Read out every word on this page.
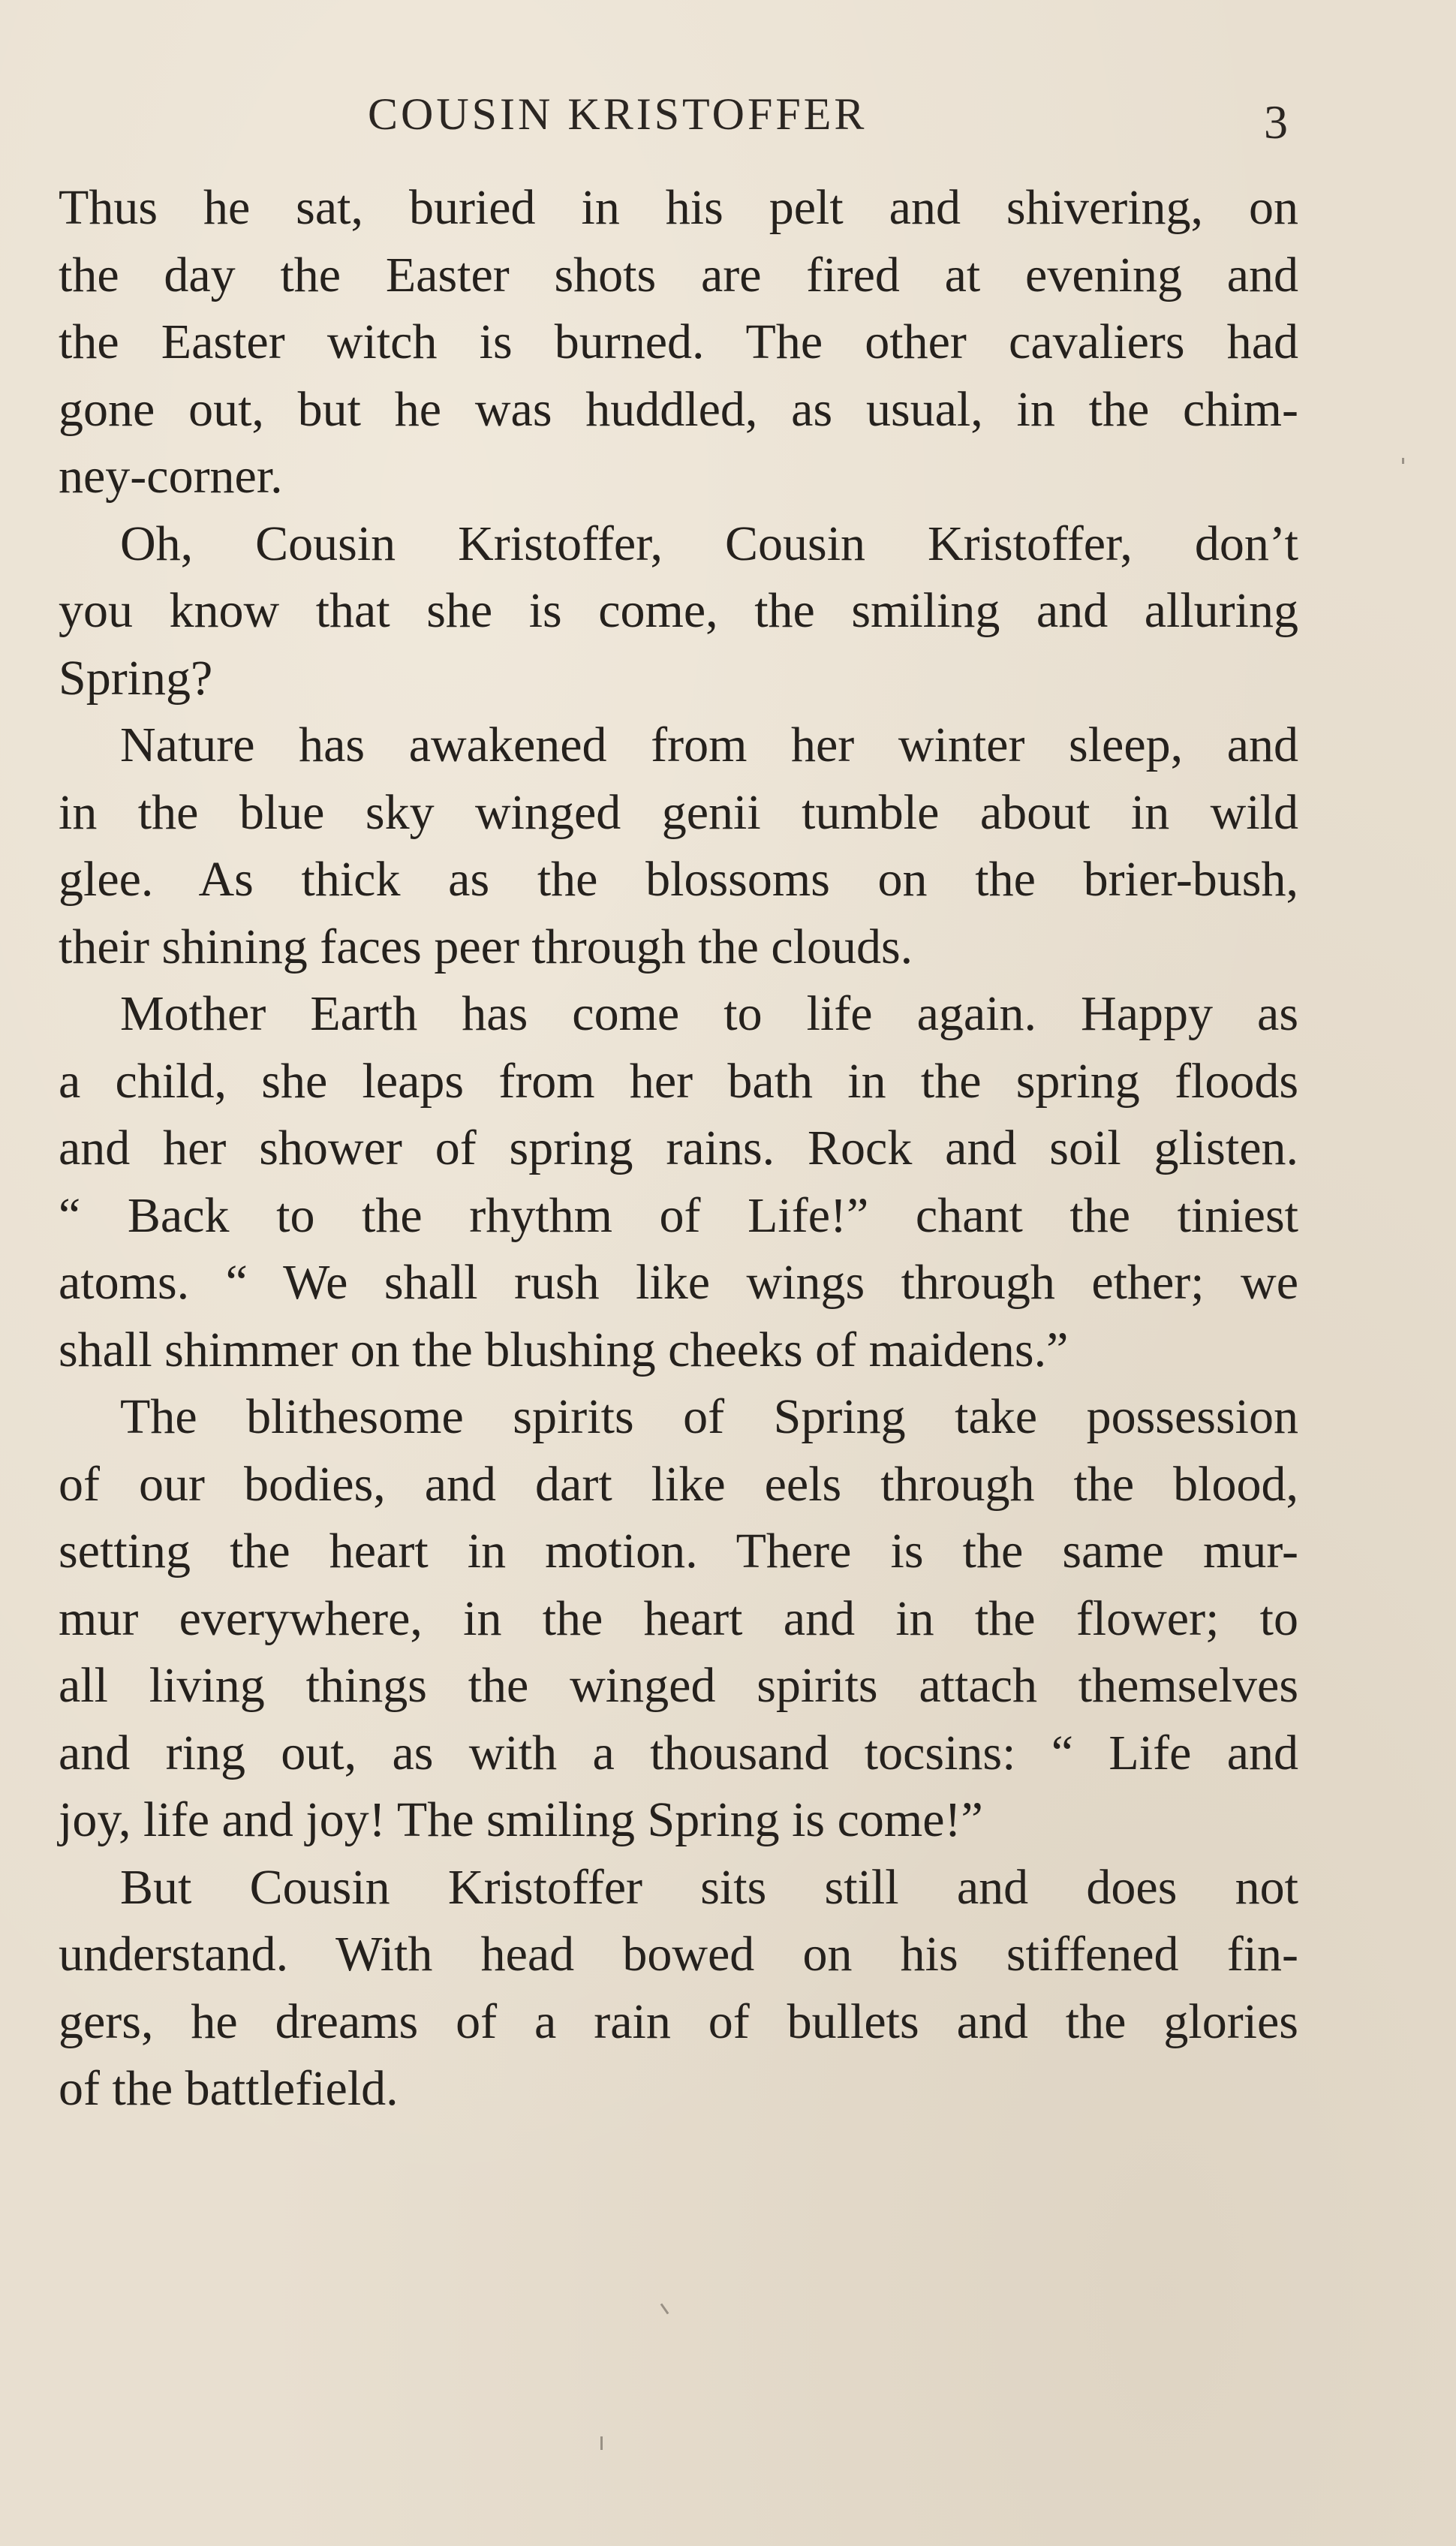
COUSIN KRISTOFFER	3
Thus he sat, buried in his pelt and shivering, on
the day the Easter shots are fired at evening and
the Easter witch is burned. The other cavaliers had
gone out, but he was huddled, as usual, in the chim-
ney-corner.
Oh, Cousin Kristoffer, Cousin Kristoffer, don’t
you know that she is come, the smiling and alluring
Spring?
Nature has awakened from her winter sleep, and
in the blue sky winged genii tumble about in wild
glee. As thick as the blossoms on the brier-bush,
their shining faces peer through the clouds.
Mother Earth has come to life again. Happy as
a child, she leaps from her bath in the spring floods
and her shower of spring rains. Rock and soil glisten.
“ Back to the rhythm of Life!” chant the tiniest
atoms. “ We shall rush like wings through ether; we
shall shimmer on the blushing cheeks of maidens.”
The blithesome spirits of Spring take possession
of our bodies, and dart like eels through the blood,
setting the heart in motion. There is the same mur-
mur everywhere, in the heart and in the flower; to
all living things the winged spirits attach themselves
and ring out, as with a thousand tocsins: “ Life and
joy, life and joy! The smiling Spring is come!”
But Cousin Kristoffer sits still and does not
understand. With head bowed on his stiffened fin-
gers, he dreams of a rain of bullets and the glories
of the battlefield.
